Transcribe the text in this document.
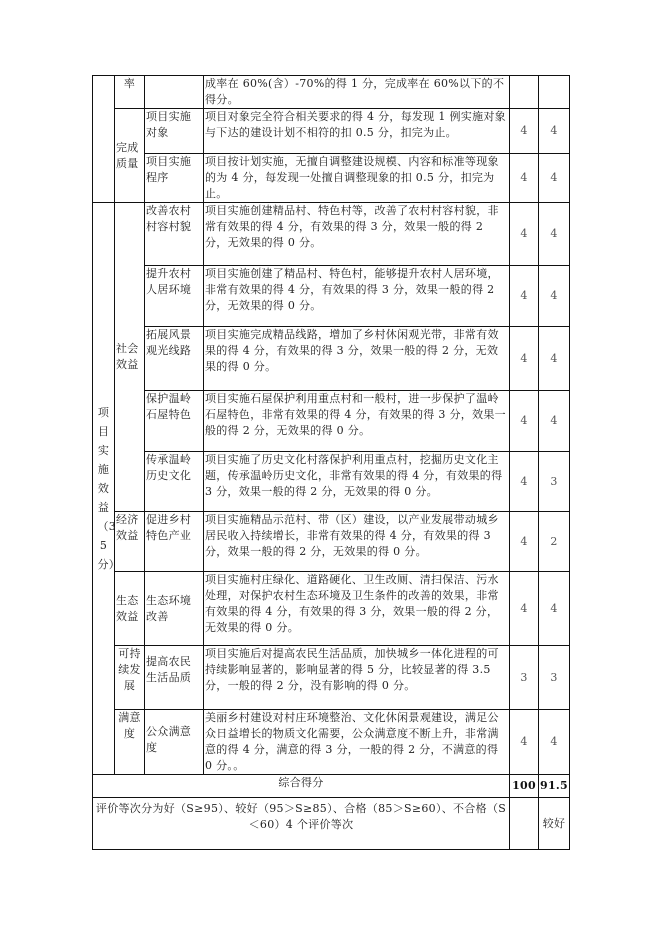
	率		成率在 60%(含）-70%的得 1 分，完成率在 60%以下的不得分。		
	完成质量	项目实施对象	项目对象完全符合相关要求的得 4 分，每发现 1 例实施对象与下达的建设计划不相符的扣 0.5 分，扣完为止。	4	4
		项目实施程序	项目按计划实施，无擅自调整建设规模、内容和标准等现象的为 4 分，每发现一处擅自调整现象的扣 0.5 分，扣完为止。	4	4

项目实施效益（35分）	社会效益	改善农村村容村貌	项目实施创建精品村、特色村等，改善了农村村容村貌，非常有效果的得 4 分，有效果的得 3 分，效果一般的得 2 分，无效果的得 0 分。	4	4
		提升农村人居环境	项目实施创建了精品村、特色村，能够提升农村人居环境，非常有效果的得 4 分，有效果的得 3 分，效果一般的得 2 分，无效果的得 0 分。	4	4
		拓展风景观光线路	项目实施完成精品线路，增加了乡村休闲观光带，非常有效果的得 4 分，有效果的得 3 分，效果一般的得 2 分，无效果的得 0 分。	4	4
		保护温岭石屋特色	项目实施石屋保护利用重点村和一般村，进一步保护了温岭石屋特色，非常有效果的得 4 分，有效果的得 3 分，效果一般的得 2 分，无效果的得 0 分。	4	4
		传承温岭历史文化	项目实施了历史文化村落保护利用重点村，挖掘历史文化主题，传承温岭历史文化，非常有效果的得 4 分，有效果的得 3 分，效果一般的得 2 分，无效果的得 0 分。	4	3
	经济效益	促进乡村特色产业	项目实施精品示范村、带（区）建设，以产业发展带动城乡居民收入持续增长，非常有效果的得 4 分，有效果的得 3 分，效果一般的得 2 分，无效果的得 0 分。	4	2
	生态效益	生态环境改善	项目实施村庄绿化、道路硬化、卫生改厕、清扫保洁、污水处理，对保护农村生态环境及卫生条件的改善的效果，非常有效果的得 4 分，有效果的得 3 分，效果一般的得 2 分，无效果的得 0 分。	4	4
	可持续发展	提高农民生活品质	项目实施后对提高农民生活品质，加快城乡一体化进程的可持续影响显著的，影响显著的得 5 分，比较显著的得 3.5 分，一般的得 2 分，没有影响的得 0 分。	3	3
	满意度	公众满意度	美丽乡村建设对村庄环境整治、文化休闲景观建设，满足公众日益增长的物质文化需要，公众满意度不断上升，非常满意的得 4 分，满意的得 3 分，一般的得 2 分，不满意的得 0 分。。	4	4
综合得分				100	91.5
评价等次分为好（S≥95）、较好（95＞S≥85）、合格（85＞S≥60）、不合格（S＜60）4 个评价等次					较好
